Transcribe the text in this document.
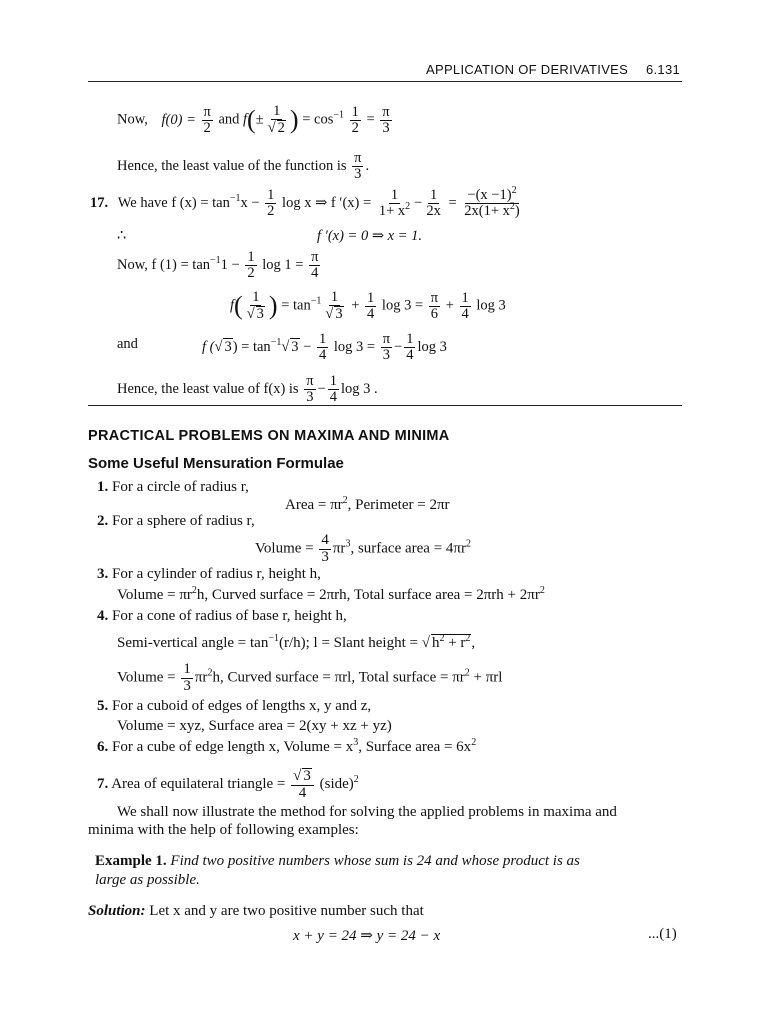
APPLICATION OF DERIVATIVES 6.131
Now, $f(0) = \frac{\pi}{2}$ and $f(\pm \frac{1}{√ 2}$ ) = $\cos^{-1} \frac{1}{2} = \frac{\pi}{3}$
Hence, the least value of the function is $\frac{\pi}{3}$ .
17. We have f $(x) = \tan^{-1}x - \frac{1}{2}$ log x ⇒ f $'(x) = \frac{1}{1+ x^2} - \frac{1}{2x} = \frac{-(x -1)^2}{2x(1+ x^2)}$
∴	f ′(x) = 0 ⇒ x = 1.
Now, f $(1) = \tan^{-1}1 - \frac{1}{2}$ $\log 1 = \frac{\pi}{4}$
$f( \frac{1}{√ 3}$ ) = $\tan^{-1} \frac{1}{√ 3} + \frac{1}{4}$ $\log 3 = \frac{\pi}{6} + \frac{1}{4}$ log 3
and	f (√ $3) = \tan^{-1}√$ $3 - \frac{1}{4}$ $\log 3 = \frac{\pi}{3} - \frac{1}{4}$ log 3
Hence, the least value of f(x) is $\frac{\pi}{3} - \frac{1}{4}$ log 3 .
PRACTICAL PROBLEMS ON MAXIMA AND MINIMA
Some Useful Mensuration Formulae
1. For a circle of radius r,
Area = $\pi r^2$, Perimeter = 2πr
2. For a sphere of radius r,
Volume = $\frac{4}{3} \pi r^3$, surface area = $4\pi r^2$
3. For a cylinder of radius r, height h,
Volume = $\pi r^2h$, Curved surface = 2πrh, Total surface area = $2\pi rh + 2\pi r^2$
4. For a cone of radius of base r, height h,
Semi-vertical angle = $\tan^{-1}(r/h)$; l = Slant height = √ $h^2 + r^2$,
Volume = $\frac{1}{3} \pi r^2h$, Curved surface = πrl, Total surface = $\pi r^2 + \pi rl$
5. For a cuboid of edges of lengths x, y and z,
Volume = xyz, Surface area = 2(xy + xz + yz)
6. For a cube of edge length x, Volume = $x^3$, Surface area = $6x^2$
7. Area of equilateral triangle = $\frac{√ 3}{4}$ (side)$^2$
We shall now illustrate the method for solving the applied problems in maxima and
minima with the help of following examples:
Example 1. Find two positive numbers whose sum is 24 and whose product is as
large as possible.
Solution: Let x and y are two positive number such that
x + y = 24 ⇒ y = 24 − x	...(1)
